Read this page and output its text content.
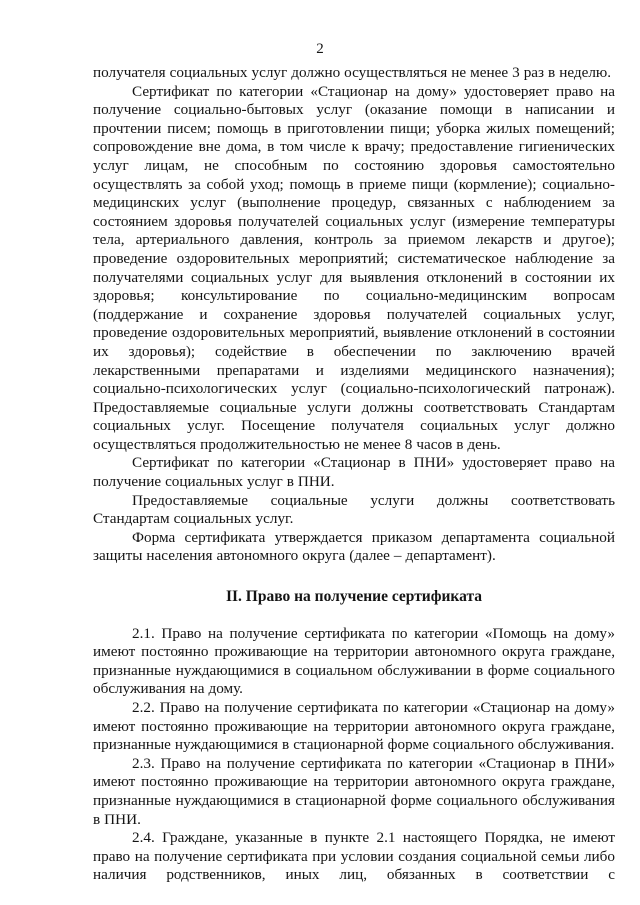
2

получателя социальных услуг должно осуществляться не менее 3 раз в неделю.

Сертификат по категории «Стационар на дому» удостоверяет право на получение социально-бытовых услуг (оказание помощи в написании и прочтении писем; помощь в приготовлении пищи; уборка жилых помещений; сопровождение вне дома, в том числе к врачу; предоставление гигиенических услуг лицам, не способным по состоянию здоровья самостоятельно осуществлять за собой уход; помощь в приеме пищи (кормление); социально-медицинских услуг (выполнение процедур, связанных с наблюдением за состоянием здоровья получателей социальных услуг (измерение температуры тела, артериального давления, контроль за приемом лекарств и другое); проведение оздоровительных мероприятий; систематическое наблюдение за получателями социальных услуг для выявления отклонений в состоянии их здоровья; консультирование по социально-медицинским вопросам (поддержание и сохранение здоровья получателей социальных услуг, проведение оздоровительных мероприятий, выявление отклонений в состоянии их здоровья); содействие в обеспечении по заключению врачей лекарственными препаратами и изделиями медицинского назначения); социально-психологических услуг (социально-психологический патронаж). Предоставляемые социальные услуги должны соответствовать Стандартам социальных услуг. Посещение получателя социальных услуг должно осуществляться продолжительностью не менее 8 часов в день.

Сертификат по категории «Стационар в ПНИ» удостоверяет право на получение социальных услуг в ПНИ.

Предоставляемые социальные услуги должны соответствовать Стандартам социальных услуг.

Форма сертификата утверждается приказом департамента социальной защиты населения автономного округа (далее – департамент).

II. Право на получение сертификата

2.1. Право на получение сертификата по категории «Помощь на дому» имеют постоянно проживающие на территории автономного округа граждане, признанные нуждающимися в социальном обслуживании в форме социального обслуживания на дому.

2.2. Право на получение сертификата по категории «Стационар на дому» имеют постоянно проживающие на территории автономного округа граждане, признанные нуждающимися в стационарной форме социального обслуживания.

2.3. Право на получение сертификата по категории «Стационар в ПНИ» имеют постоянно проживающие на территории автономного округа граждане, признанные нуждающимися в стационарной форме социального обслуживания в ПНИ.

2.4. Граждане, указанные в пункте 2.1 настоящего Порядка, не имеют право на получение сертификата при условии создания социальной семьи либо наличия родственников, иных лиц, обязанных в соответствии с
